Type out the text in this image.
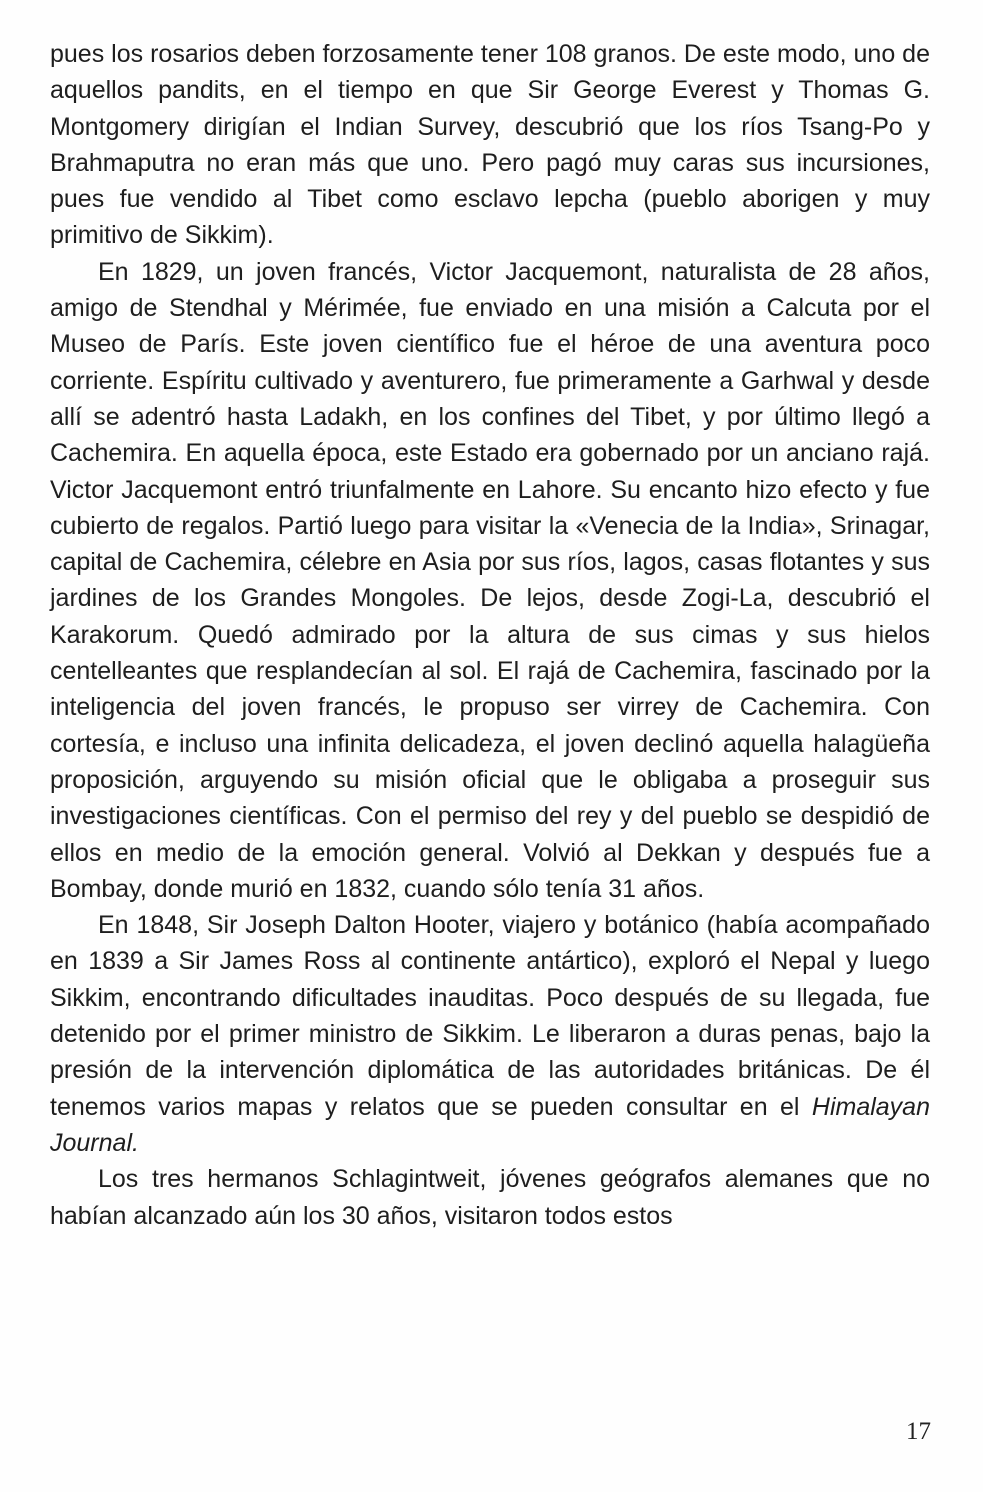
pues los rosarios deben forzosamente tener 108 granos. De este modo, uno de aquellos pandits, en el tiempo en que Sir George Everest y Thomas G. Montgomery dirigían el Indian Survey, descubrió que los ríos Tsang-Po y Brahmaputra no eran más que uno. Pero pagó muy caras sus incursiones, pues fue vendido al Tibet como esclavo lepcha (pueblo aborigen y muy primitivo de Sikkim).

En 1829, un joven francés, Victor Jacquemont, naturalista de 28 años, amigo de Stendhal y Mérimée, fue enviado en una misión a Calcuta por el Museo de París. Este joven científico fue el héroe de una aventura poco corriente. Espíritu cultivado y aventurero, fue primeramente a Garhwal y desde allí se adentró hasta Ladakh, en los confines del Tibet, y por último llegó a Cachemira. En aquella época, este Estado era gobernado por un anciano rajá. Victor Jacquemont entró triunfalmente en Lahore. Su encanto hizo efecto y fue cubierto de regalos. Partió luego para visitar la «Venecia de la India», Srinagar, capital de Cachemira, célebre en Asia por sus ríos, lagos, casas flotantes y sus jardines de los Grandes Mongoles. De lejos, desde Zogi-La, descubrió el Karakorum. Quedó admirado por la altura de sus cimas y sus hielos centelleantes que resplandecían al sol. El rajá de Cachemira, fascinado por la inteligencia del joven francés, le propuso ser virrey de Cachemira. Con cortesía, e incluso una infinita delicadeza, el joven declinó aquella halagüeña proposición, arguyendo su misión oficial que le obligaba a proseguir sus investigaciones científicas. Con el permiso del rey y del pueblo se despidió de ellos en medio de la emoción general. Volvió al Dekkan y después fue a Bombay, donde murió en 1832, cuando sólo tenía 31 años.

En 1848, Sir Joseph Dalton Hooter, viajero y botánico (había acompañado en 1839 a Sir James Ross al continente antártico), exploró el Nepal y luego Sikkim, encontrando dificultades inauditas. Poco después de su llegada, fue detenido por el primer ministro de Sikkim. Le liberaron a duras penas, bajo la presión de la intervención diplomática de las autoridades británicas. De él tenemos varios mapas y relatos que se pueden consultar en el Himalayan Journal.

Los tres hermanos Schlagintweit, jóvenes geógrafos alemanes que no habían alcanzado aún los 30 años, visitaron todos estos

17
